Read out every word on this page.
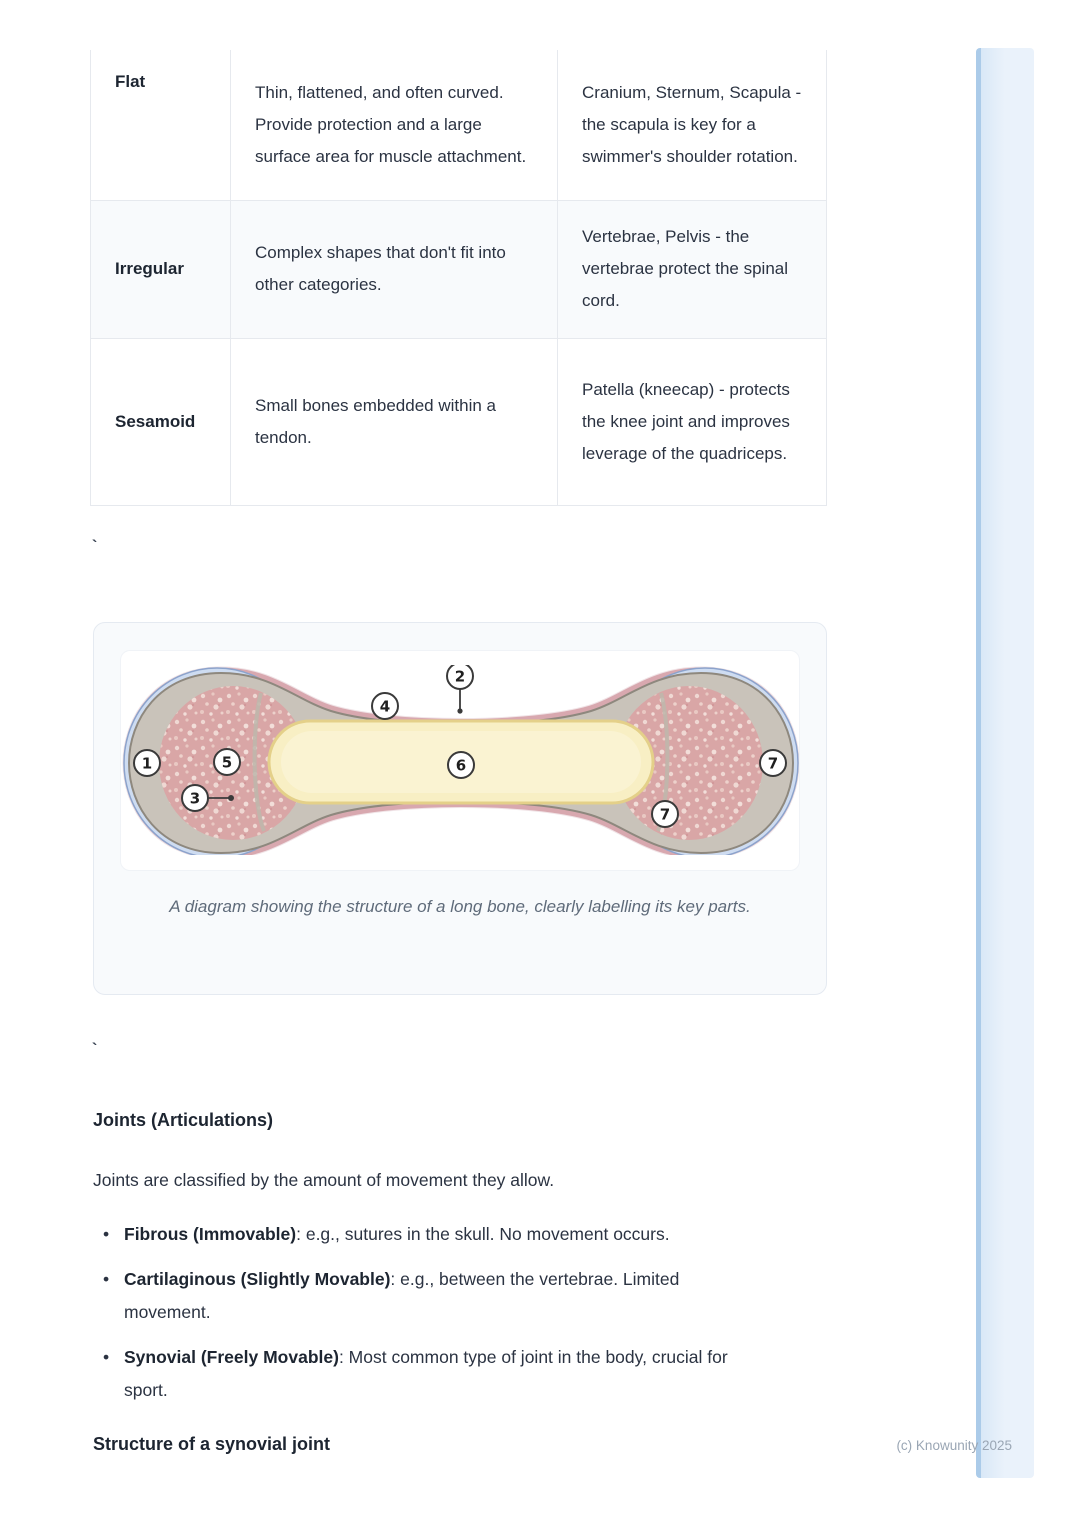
Flat	Thin, flattened, and often curved. Provide protection and a large surface area for muscle attachment.	Cranium, Sternum, Scapula - the scapula is key for a swimmer's shoulder rotation.
Irregular	Complex shapes that don't fit into other categories.	Vertebrae, Pelvis - the vertebrae protect the spinal cord.
Sesamoid	Small bones embedded within a tendon.	Patella (kneecap) - protects the knee joint and improves leverage of the quadriceps.
`
1
2
3
4
5	6	7
7
A diagram showing the structure of a long bone, clearly labelling its key parts.
`
Joints (Articulations)

Joints are classified by the amount of movement they allow.

• Fibrous (Immovable): e.g., sutures in the skull. No movement occurs.
• Cartilaginous (Slightly Movable): e.g., between the vertebrae. Limited movement.
• Synovial (Freely Movable): Most common type of joint in the body, crucial for sport.
Structure of a synovial joint	(c) Knowunity 2025
